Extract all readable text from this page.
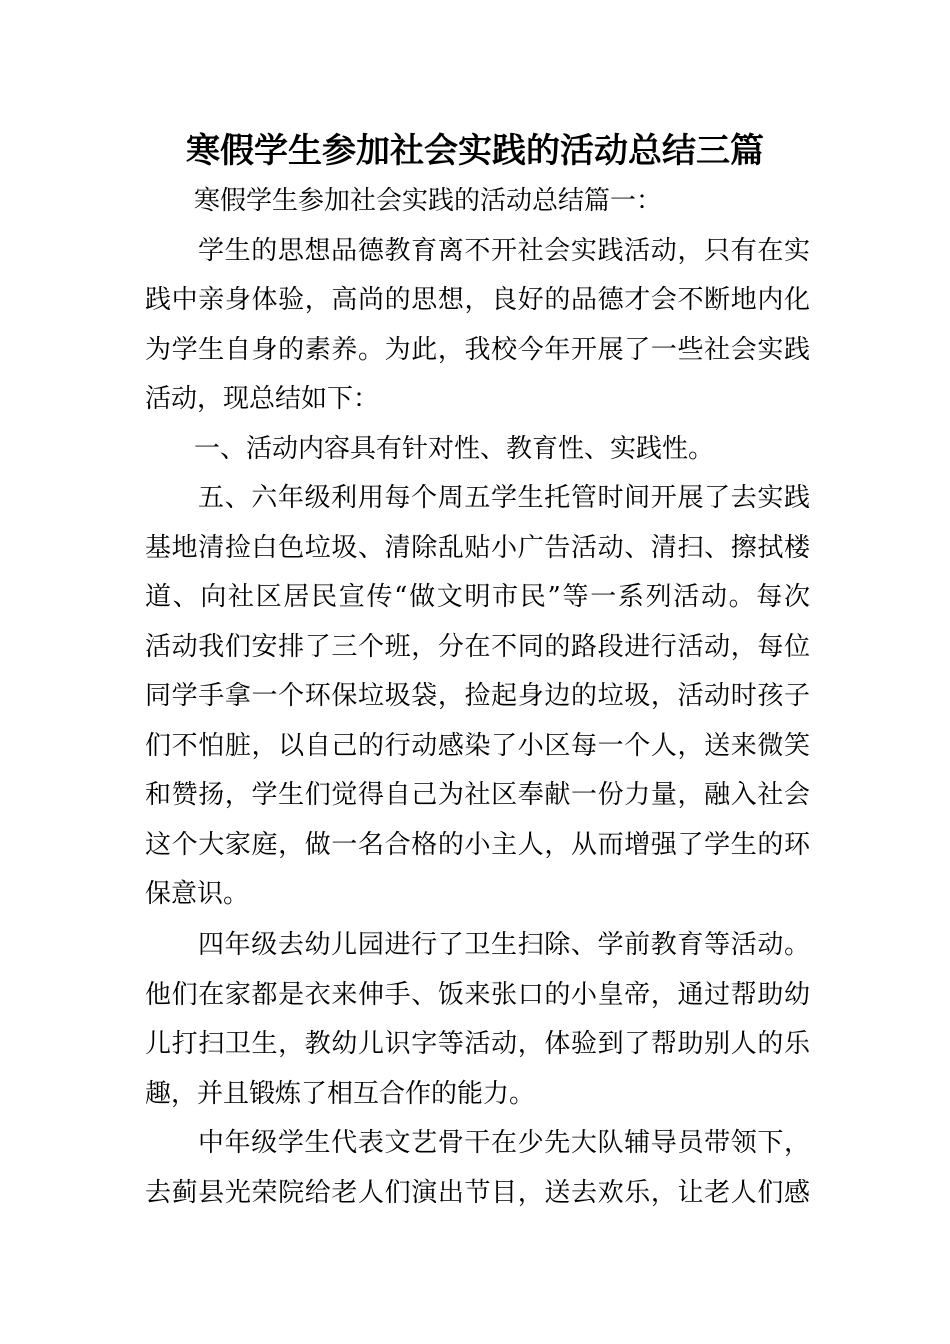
寒假学生参加社会实践的活动总结三篇
寒假学生参加社会实践的活动总结篇一：
学生的思想品德教育离不开社会实践活动，只有在实
践中亲身体验，高尚的思想，良好的品德才会不断地内化
为学生自身的素养。为此，我校今年开展了一些社会实践
活动，现总结如下：
一、活动内容具有针对性、教育性、实践性。
五、六年级利用每个周五学生托管时间开展了去实践
基地清捡白色垃圾、清除乱贴小广告活动、清扫、擦拭楼
道、向社区居民宣传“做文明市民”等一系列活动。每次
活动我们安排了三个班，分在不同的路段进行活动，每位
同学手拿一个环保垃圾袋，捡起身边的垃圾，活动时孩子
们不怕脏，以自己的行动感染了小区每一个人，送来微笑
和赞扬，学生们觉得自己为社区奉献一份力量，融入社会
这个大家庭，做一名合格的小主人，从而增强了学生的环
保意识。
四年级去幼儿园进行了卫生扫除、学前教育等活动。
他们在家都是衣来伸手、饭来张口的小皇帝，通过帮助幼
儿打扫卫生，教幼儿识字等活动，体验到了帮助别人的乐
趣，并且锻炼了相互合作的能力。
中年级学生代表文艺骨干在少先大队辅导员带领下，
去蓟县光荣院给老人们演出节目，送去欢乐，让老人们感
